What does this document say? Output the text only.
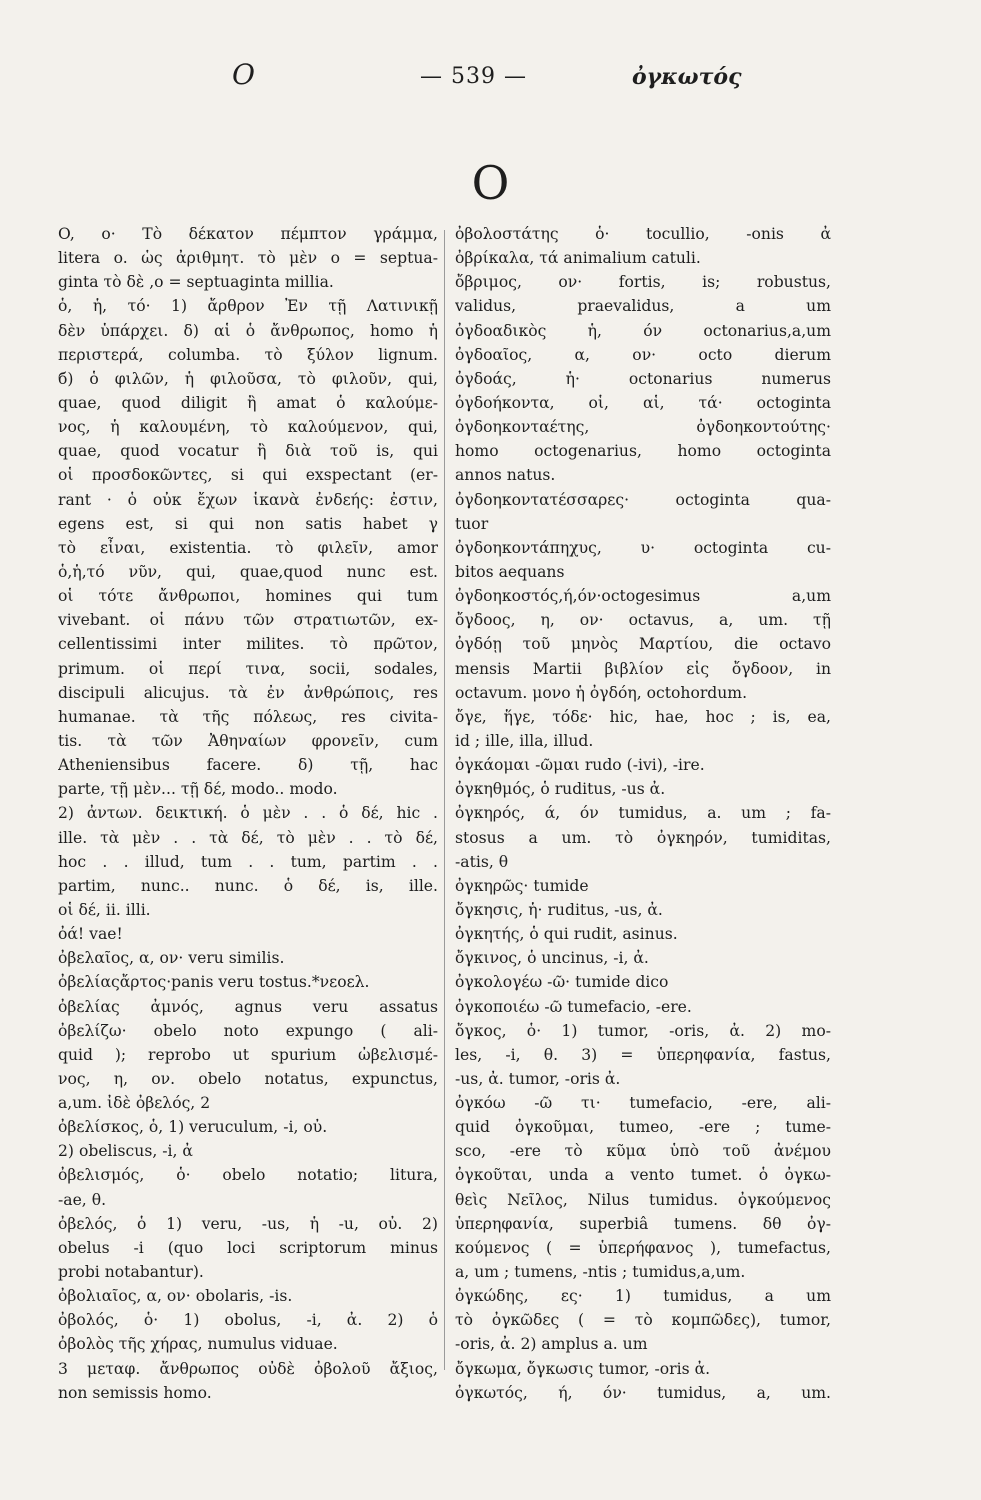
O	— 539 —	ὀγκωτός
O
O, ο· Τὸ δέκατον πέμπτον γράμμα,
litera o. ὡς ἀριθμητ. τὸ μὲν ο = septua-
ginta τὸ δὲ ,ο = septuaginta millia.
ὁ, ἡ, τό· 1) ἄρθρον Ἐν τῇ Λατινικῇ
δὲν ὑπάρχει. δ) αἱ ὁ ἄνθρωπος, homo ἡ
περιστερά, columba. τὸ ξύλον lignum.
б) ὁ φιλῶν, ἡ φιλοῦσα, τὸ φιλοῦν, qui,
quae, quod diligit ἢ amat ὁ καλούμε-
νος, ἡ καλουμένη, τὸ καλούμενον, qui,
quae, quod vocatur ἢ διὰ τοῦ is, qui
οἱ προσδοκῶντες, si qui exspectant (er-
rant · ὁ οὐκ ἔχων ἱκανὰ ἐνδεής: ἐστιν,
egens est, si qui non satis habet γ
τὸ εἶναι, existentia. τὸ φιλεῖν, amor
ὁ,ἡ,τό νῦν, qui, quae,quod nunc est.
οἱ τότε ἄνθρωποι, homines qui tum
vivebant. οἱ πάνυ τῶν στρατιωτῶν, ex-
cellentissimi inter milites. τὸ πρῶτον,
primum. οἱ περί τινα, socii, sodales,
discipuli alicujus. τὰ ἐν ἀνθρώποις, res
humanae. τὰ τῆς πόλεως, res civita-
tis. τὰ τῶν Ἀθηναίων φρονεῖν, cum
Atheniensibus facere. δ) τῇ, hac
parte, τῇ μὲν... τῇ δέ, modo.. modo.
2) ἀντων. δεικτική. ὁ μὲν . . ὁ δέ, hic .
ille. τὰ μὲν . . τὰ δέ, τὸ μὲν . . τὸ δέ,
hoc . . illud, tum . . tum, partim . .
partim, nunc.. nunc. ὁ δέ, is, ille.
οἱ δέ, ii. illi.
ὀά! vae!
ὀβελαῖος, α, ον· veru similis.
ὀβελίαςἄρτος·panis veru tostus.*νεοελ.
ὀβελίας ἀμνός, agnus veru assatus
ὀβελίζω· obelo noto expungo ( ali-
quid ); reprobo ut spurium ὠβελισμέ-
νος, η, ον. obelo notatus, expunctus,
a,um. ἰδὲ ὀβελός, 2
ὀβελίσκος, ὁ, 1) veruculum, -i, οὐ.
2) obeliscus, -i, ἀ
ὀβελισμός, ὁ· obelo notatio; litura,
-ae, θ.
ὀβελός, ὁ 1) veru, -us, ἡ -u, οὐ. 2)
obelus -i (quo loci scriptorum minus
probi notabantur).
ὀβολιαῖος, α, ον· obolaris, -is.
ὀβολός, ὁ· 1) obolus, -i, ἀ. 2) ὁ
ὀβολὸς τῆς χήρας, numulus viduae.
3 μεταφ. ἄνθρωπος οὐδὲ ὀβολοῦ ἄξιος,
non semissis homo.
ὀβολοστάτης ὁ· tocullio, -onis ἀ
ὀβρίκαλα, τά animalium catuli.
ὄβριμος, ον· fortis, is; robustus,
validus, praevalidus, a um
ὀγδοαδικὸς ἡ, όν octonarius,a,um
ὀγδοαῖος, α, ον· octo dierum
ὀγδοάς, ἡ· octonarius numerus
ὀγδοήκοντα, οἱ, αἱ, τά· octoginta
ὀγδοηκονταέτης, ὀγδοηκοντούτης·
homo octogenarius, homo octoginta
annos natus.
ὀγδοηκοντατέσσαρες· octoginta qua-
tuor
ὀγδοηκοντάπηχυς, υ· octoginta cu-
bitos aequans
ὀγδοηκοστός,ή,όν·octogesimus a,um
ὄγδοος, η, ον· octavus, a, um. τῇ
ὀγδόῃ τοῦ μηνὸς Μαρτίου, die octavo
mensis Martii βιβλίον εἰς ὄγδοον, in
octavum. μονο ἡ ὀγδόη, octohordum.
ὄγε, ἥγε, τόδε· hic, hae, hoc ; is, ea,
id ; ille, illa, illud.
ὀγκάομαι -ῶμαι rudo (-ivi), -ire.
ὀγκηθμός, ὁ ruditus, -us ἀ.
ὀγκηρός, ά, όν tumidus, a. um ; fa-
stosus a um. τὸ ὀγκηρόν, tumiditas,
-atis, θ
ὀγκηρῶς· tumide
ὄγκησις, ἡ· ruditus, -us, ἀ.
ὀγκητής, ὁ qui rudit, asinus.
ὄγκινος, ὁ uncinus, -i, ἀ.
ὀγκολογέω -ῶ· tumide dico
ὀγκοποιέω -ῶ tumefacio, -ere.
ὄγκος, ὁ· 1) tumor, -oris, ἀ. 2) mo-
les, -i, θ. 3) = ὑπερηφανία, fastus,
-us, ἀ. tumor, -oris ἀ.
ὀγκόω -ῶ τι· tumefacio, -ere, ali-
quid ὀγκοῦμαι, tumeo, -ere ; tume-
sco, -ere τὸ κῦμα ὑπὸ τοῦ ἀνέμου
ὀγκοῦται, unda a vento tumet. ὁ ὀγκω-
θεὶς Νεῖλος, Nilus tumidus. ὀγκούμενος
ὑπερηφανία, superbiâ tumens. δθ ὀγ-
κούμενος ( = ὑπερήφανος ), tumefactus,
a, um ; tumens, -ntis ; tumidus,a,um.
ὀγκώδης, ες· 1) tumidus, a um
τὸ ὀγκῶδες ( = τὸ κομπῶδες), tumor,
-oris, ἀ. 2) amplus a. um
ὄγκωμα, ὄγκωσις tumor, -oris ἀ.
ὀγκωτός, ή, όν· tumidus, a, um.
